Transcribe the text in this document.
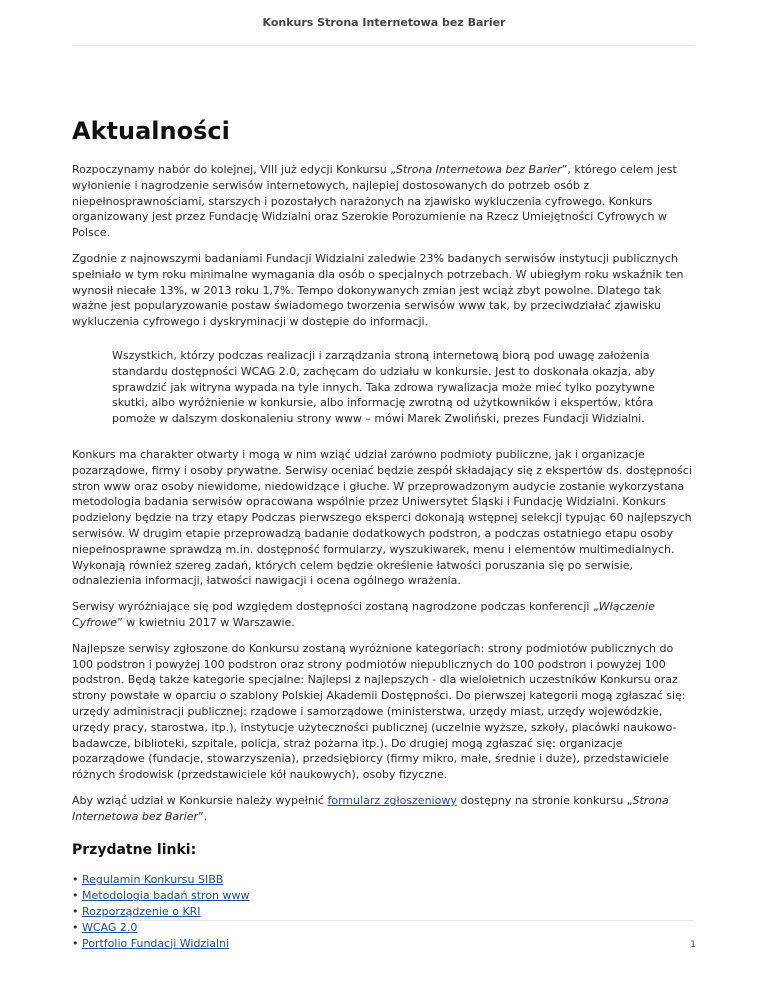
Konkurs Strona Internetowa bez Barier
Aktualności

Rozpoczynamy nabór do kolejnej, VIII już edycji Konkursu „Strona Internetowa bez Barier”, którego celem jest wyłonienie i nagrodzenie serwisów internetowych, najlepiej dostosowanych do potrzeb osób z niepełnosprawnościami, starszych i pozostałych narażonych na zjawisko wykluczenia cyfrowego. Konkurs organizowany jest przez Fundację Widzialni oraz Szerokie Porozumienie na Rzecz Umiejętności Cyfrowych w Polsce.

Zgodnie z najnowszymi badaniami Fundacji Widzialni zaledwie 23% badanych serwisów instytucji publicznych spełniało w tym roku minimalne wymagania dla osób o specjalnych potrzebach. W ubiegłym roku wskaźnik ten wynosił niecałe 13%, w 2013 roku 1,7%. Tempo dokonywanych zmian jest wciąż zbyt powolne. Dlatego tak ważne jest popularyzowanie postaw świadomego tworzenia serwisów www tak, by przeciwdziałać zjawisku wykluczenia cyfrowego i dyskryminacji w dostępie do informacji.

Wszystkich, którzy podczas realizacji i zarządzania stroną internetową biorą pod uwagę założenia standardu dostępności WCAG 2.0, zachęcam do udziału w konkursie. Jest to doskonała okazja, aby sprawdzić jak witryna wypada na tyle innych. Taka zdrowa rywalizacja może mieć tylko pozytywne skutki, albo wyróżnienie w konkursie, albo informację zwrotną od użytkowników i ekspertów, która pomoże w dalszym doskonaleniu strony www – mówi Marek Zwoliński, prezes Fundacji Widzialni.

Konkurs ma charakter otwarty i mogą w nim wziąć udział zarówno podmioty publiczne, jak i organizacje pozarządowe, firmy i osoby prywatne. Serwisy oceniać będzie zespół składający się z ekspertów ds. dostępności stron www oraz osoby niewidome, niedowidzące i głuche. W przeprowadzonym audycie zostanie wykorzystana metodologia badania serwisów opracowana wspólnie przez Uniwersytet Śląski i Fundację Widzialni. Konkurs podzielony będzie na trzy etapy Podczas pierwszego eksperci dokonają wstępnej selekcji typując 60 najlepszych serwisów. W drugim etapie przeprowadzą badanie dodatkowych podstron, a podczas ostatniego etapu osoby niepełnosprawne sprawdzą m.in. dostępność formularzy, wyszukiwarek, menu i elementów multimedialnych. Wykonają również szereg zadań, których celem będzie określenie łatwości poruszania się po serwisie, odnalezienia informacji, łatwości nawigacji i ocena ogólnego wrażenia.

Serwisy wyróżniające się pod względem dostępności zostaną nagrodzone podczas konferencji „Włączenie Cyfrowe” w kwietniu 2017 w Warszawie.

Najlepsze serwisy zgłoszone do Konkursu zostaną wyróżnione kategoriach: strony podmiotów publicznych do 100 podstron i powyżej 100 podstron oraz strony podmiotów niepublicznych do 100 podstron i powyżej 100 podstron. Będą także kategorie specjalne: Najlepsi z najlepszych - dla wieloletnich uczestników Konkursu oraz strony powstałe w oparciu o szablony Polskiej Akademii Dostępności. Do pierwszej kategorii mogą zgłaszać się: urzędy administracji publicznej: rządowe i samorządowe (ministerstwa, urzędy miast, urzędy wojewódzkie, urzędy pracy, starostwa, itp.), instytucje użyteczności publicznej (uczelnie wyższe, szkoły, placówki naukowo-badawcze, biblioteki, szpitale, policja, straż pożarna itp.). Do drugiej mogą zgłaszać się: organizacje pozarządowe (fundacje, stowarzyszenia), przedsiębiorcy (firmy mikro, małe, średnie i duże), przedstawiciele różnych środowisk (przedstawiciele kół naukowych), osoby fizyczne.

Aby wziąć udział w Konkursie należy wypełnić formularz zgłoszeniowy dostępny na stronie konkursu „Strona Internetowa bez Barier”.

Przydatne linki:
• Regulamin Konkursu SIBB
• Metodologia badań stron www
• Rozporządzenie o KRI
• WCAG 2.0
• Portfolio Fundacji Widzialni	1
